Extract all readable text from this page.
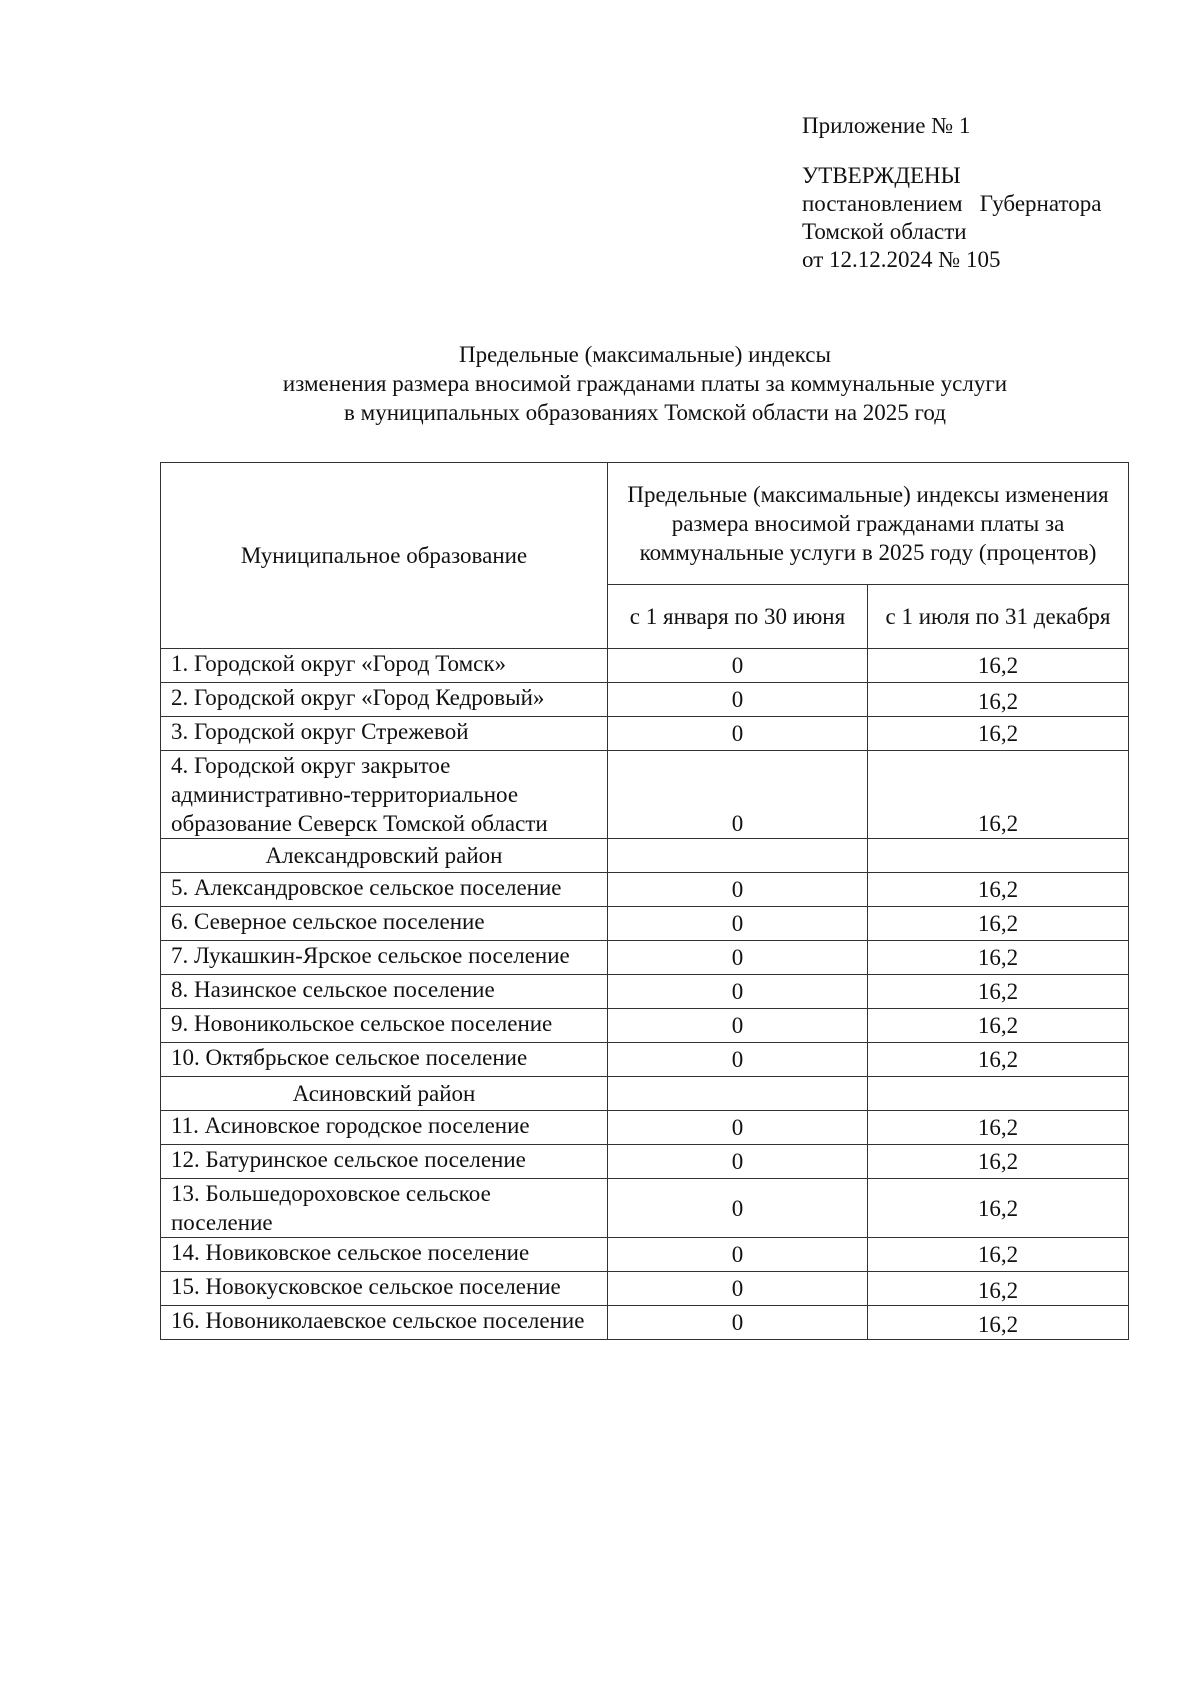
Приложение № 1
УТВЕРЖДЕНЫ
постановлением   Губернатора
Томской области
от 12.12.2024 № 105
Предельные (максимальные) индексы
изменения размера вносимой гражданами платы за коммунальные услуги
в муниципальных образованиях Томской области на 2025 год
Муниципальное образование	Предельные (максимальные) индексы изменения размера вносимой гражданами платы за коммунальные услуги в 2025 году (процентов)	
	с 1 января по 30 июня	с 1 июля по 31 декабря
1. Городской округ «Город Томск»	0	16,2
2. Городской округ «Город Кедровый»	0	16,2
3. Городской округ Стрежевой	0	16,2
4. Городской округ закрытое административно-территориальное образование Северск Томской области	0	16,2
Александровский район		
5. Александровское сельское поселение	0	16,2
6. Северное сельское поселение	0	16,2
7. Лукашкин-Ярское сельское поселение	0	16,2
8. Назинское сельское поселение	0	16,2
9. Новоникольское сельское поселение	0	16,2
10. Октябрьское сельское поселение	0	16,2
Асиновский район		
11. Асиновское городское поселение	0	16,2
12. Батуринское сельское поселение	0	16,2
13. Большедороховское сельское поселение	0	16,2
14. Новиковское сельское поселение	0	16,2
15. Новокусковское сельское поселение	0	16,2
16. Новониколаевское сельское поселение	0	16,2
